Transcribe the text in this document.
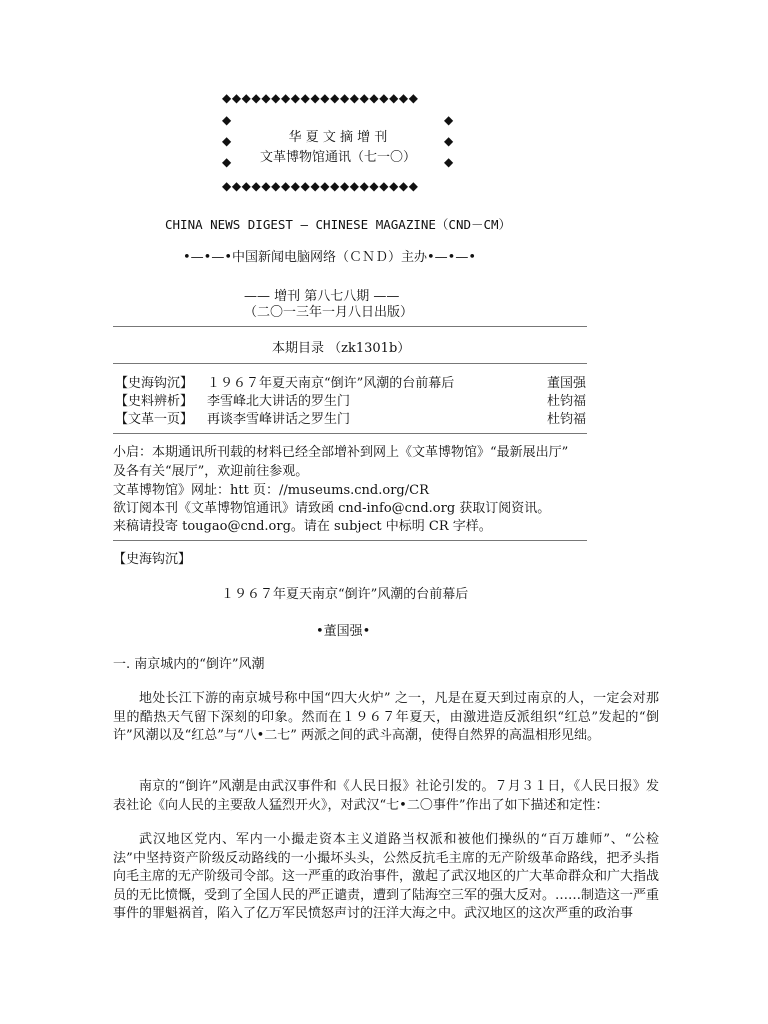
◆◆◆◆◆◆◆◆◆◆◆◆◆◆◆◆◆◆◆◆
◆
◆
◆
◆
◆
◆
华 夏 文 摘 增 刊
文革博物馆通讯（七一〇）
◆◆◆◆◆◆◆◆◆◆◆◆◆◆◆◆◆◆◆◆
CHINA NEWS DIGEST — CHINESE MAGAZINE（CND－CM）
•—•—•中国新闻电脑网络（ＣＮＤ）主办•—•—•
—— 增刊 第八七八期 ——
（二〇一三年一月八日出版）
本期目录 （zk1301b）
【史海钩沉】 １９６７年夏天南京“倒许”风潮的台前幕后	董国强
【史料辨析】 李雪峰北大讲话的罗生门	杜钧福
【文革一页】 再谈李雪峰讲话之罗生门	杜钧福
小启：本期通讯所刊载的材料已经全部增补到网上《文革博物馆》“最新展出厅”
及各有关“展厅”，欢迎前往参观。
文革博物馆》网址：htt 页：//museums.cnd.org/CR
欲订阅本刊《文革博物馆通讯》请致函 cnd-info@cnd.org 获取订阅资讯。
来稿请投寄 tougao@cnd.org。请在 subject 中标明 CR 字样。
【史海钩沉】
１９６７年夏天南京“倒许”风潮的台前幕后
•董国强•
一. 南京城内的“倒许”风潮
地处长江下游的南京城号称中国“四大火炉” 之一，凡是在夏天到过南京的人，一定会对那里的酷热天气留下深刻的印象。然而在１９６７年夏天，由激进造反派组织“红总”发起的“倒许”风潮以及“红总”与“八•二七” 两派之间的武斗高潮，使得自然界的高温相形见绌。
南京的“倒许”风潮是由武汉事件和《人民日报》社论引发的。７月３１日，《人民日报》发表社论《向人民的主要敌人猛烈开火》，对武汉“七•二〇事件”作出了如下描述和定性：
武汉地区党内、军内一小撮走资本主义道路当权派和被他们操纵的“百万雄师”、“公检法”中坚持资产阶级反动路线的一小撮坏头头，公然反抗毛主席的无产阶级革命路线，把矛头指向毛主席的无产阶级司令部。这一严重的政治事件，激起了武汉地区的广大革命群众和广大指战员的无比愤慨，受到了全国人民的严正谴责，遭到了陆海空三军的强大反对。……制造这一严重事件的罪魁祸首，陷入了亿万军民愤怒声讨的汪洋大海之中。武汉地区的这次严重的政治事
